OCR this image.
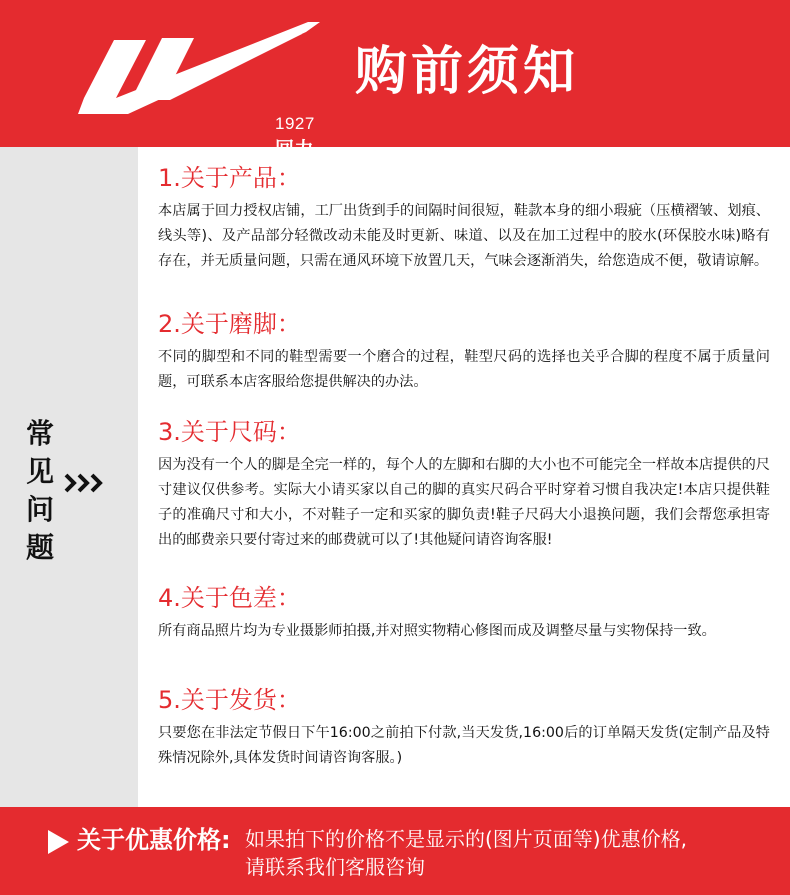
1927
购前须知
常
见
问
题
1.关于产品：

本店属于回力授权店铺，工厂出货到手的间隔时间很短，鞋款本身的细小瑕疵（压横褶皱、划痕、线头等)、及产品部分轻微改动未能及时更新、味道、以及在加工过程中的胶水(环保胶水味)略有存在，并无质量问题，只需在通风环境下放置几天，气味会逐渐消失，给您造成不便，敬请谅解。

2.关于磨脚：

不同的脚型和不同的鞋型需要一个磨合的过程，鞋型尺码的选择也关乎合脚的程度不属于质量问题，可联系本店客服给您提供解决的办法。

3.关于尺码：

因为没有一个人的脚是全完一样的，每个人的左脚和右脚的大小也不可能完全一样故本店提供的尺寸建议仅供参考。实际大小请买家以自己的脚的真实尺码合平时穿着习惯自我决定!本店只提供鞋子的准确尺寸和大小，不对鞋子一定和买家的脚负责!鞋子尺码大小退换问题，我们会帮您承担寄出的邮费亲只要付寄过来的邮费就可以了!其他疑问请咨询客服!

4.关于色差：

所有商品照片均为专业摄影师拍摄,并对照实物精心修图而成及调整尽量与实物保持一致。

5.关于发货：

只要您在非法定节假日下午16:00之前拍下付款,当天发货,16:00后的订单隔天发货(定制产品及特殊情况除外,具体发货时间请咨询客服。)

关于优惠价格: 如果拍下的价格不是显示的(图片页面等)优惠价格,
请联系我们客服咨询
